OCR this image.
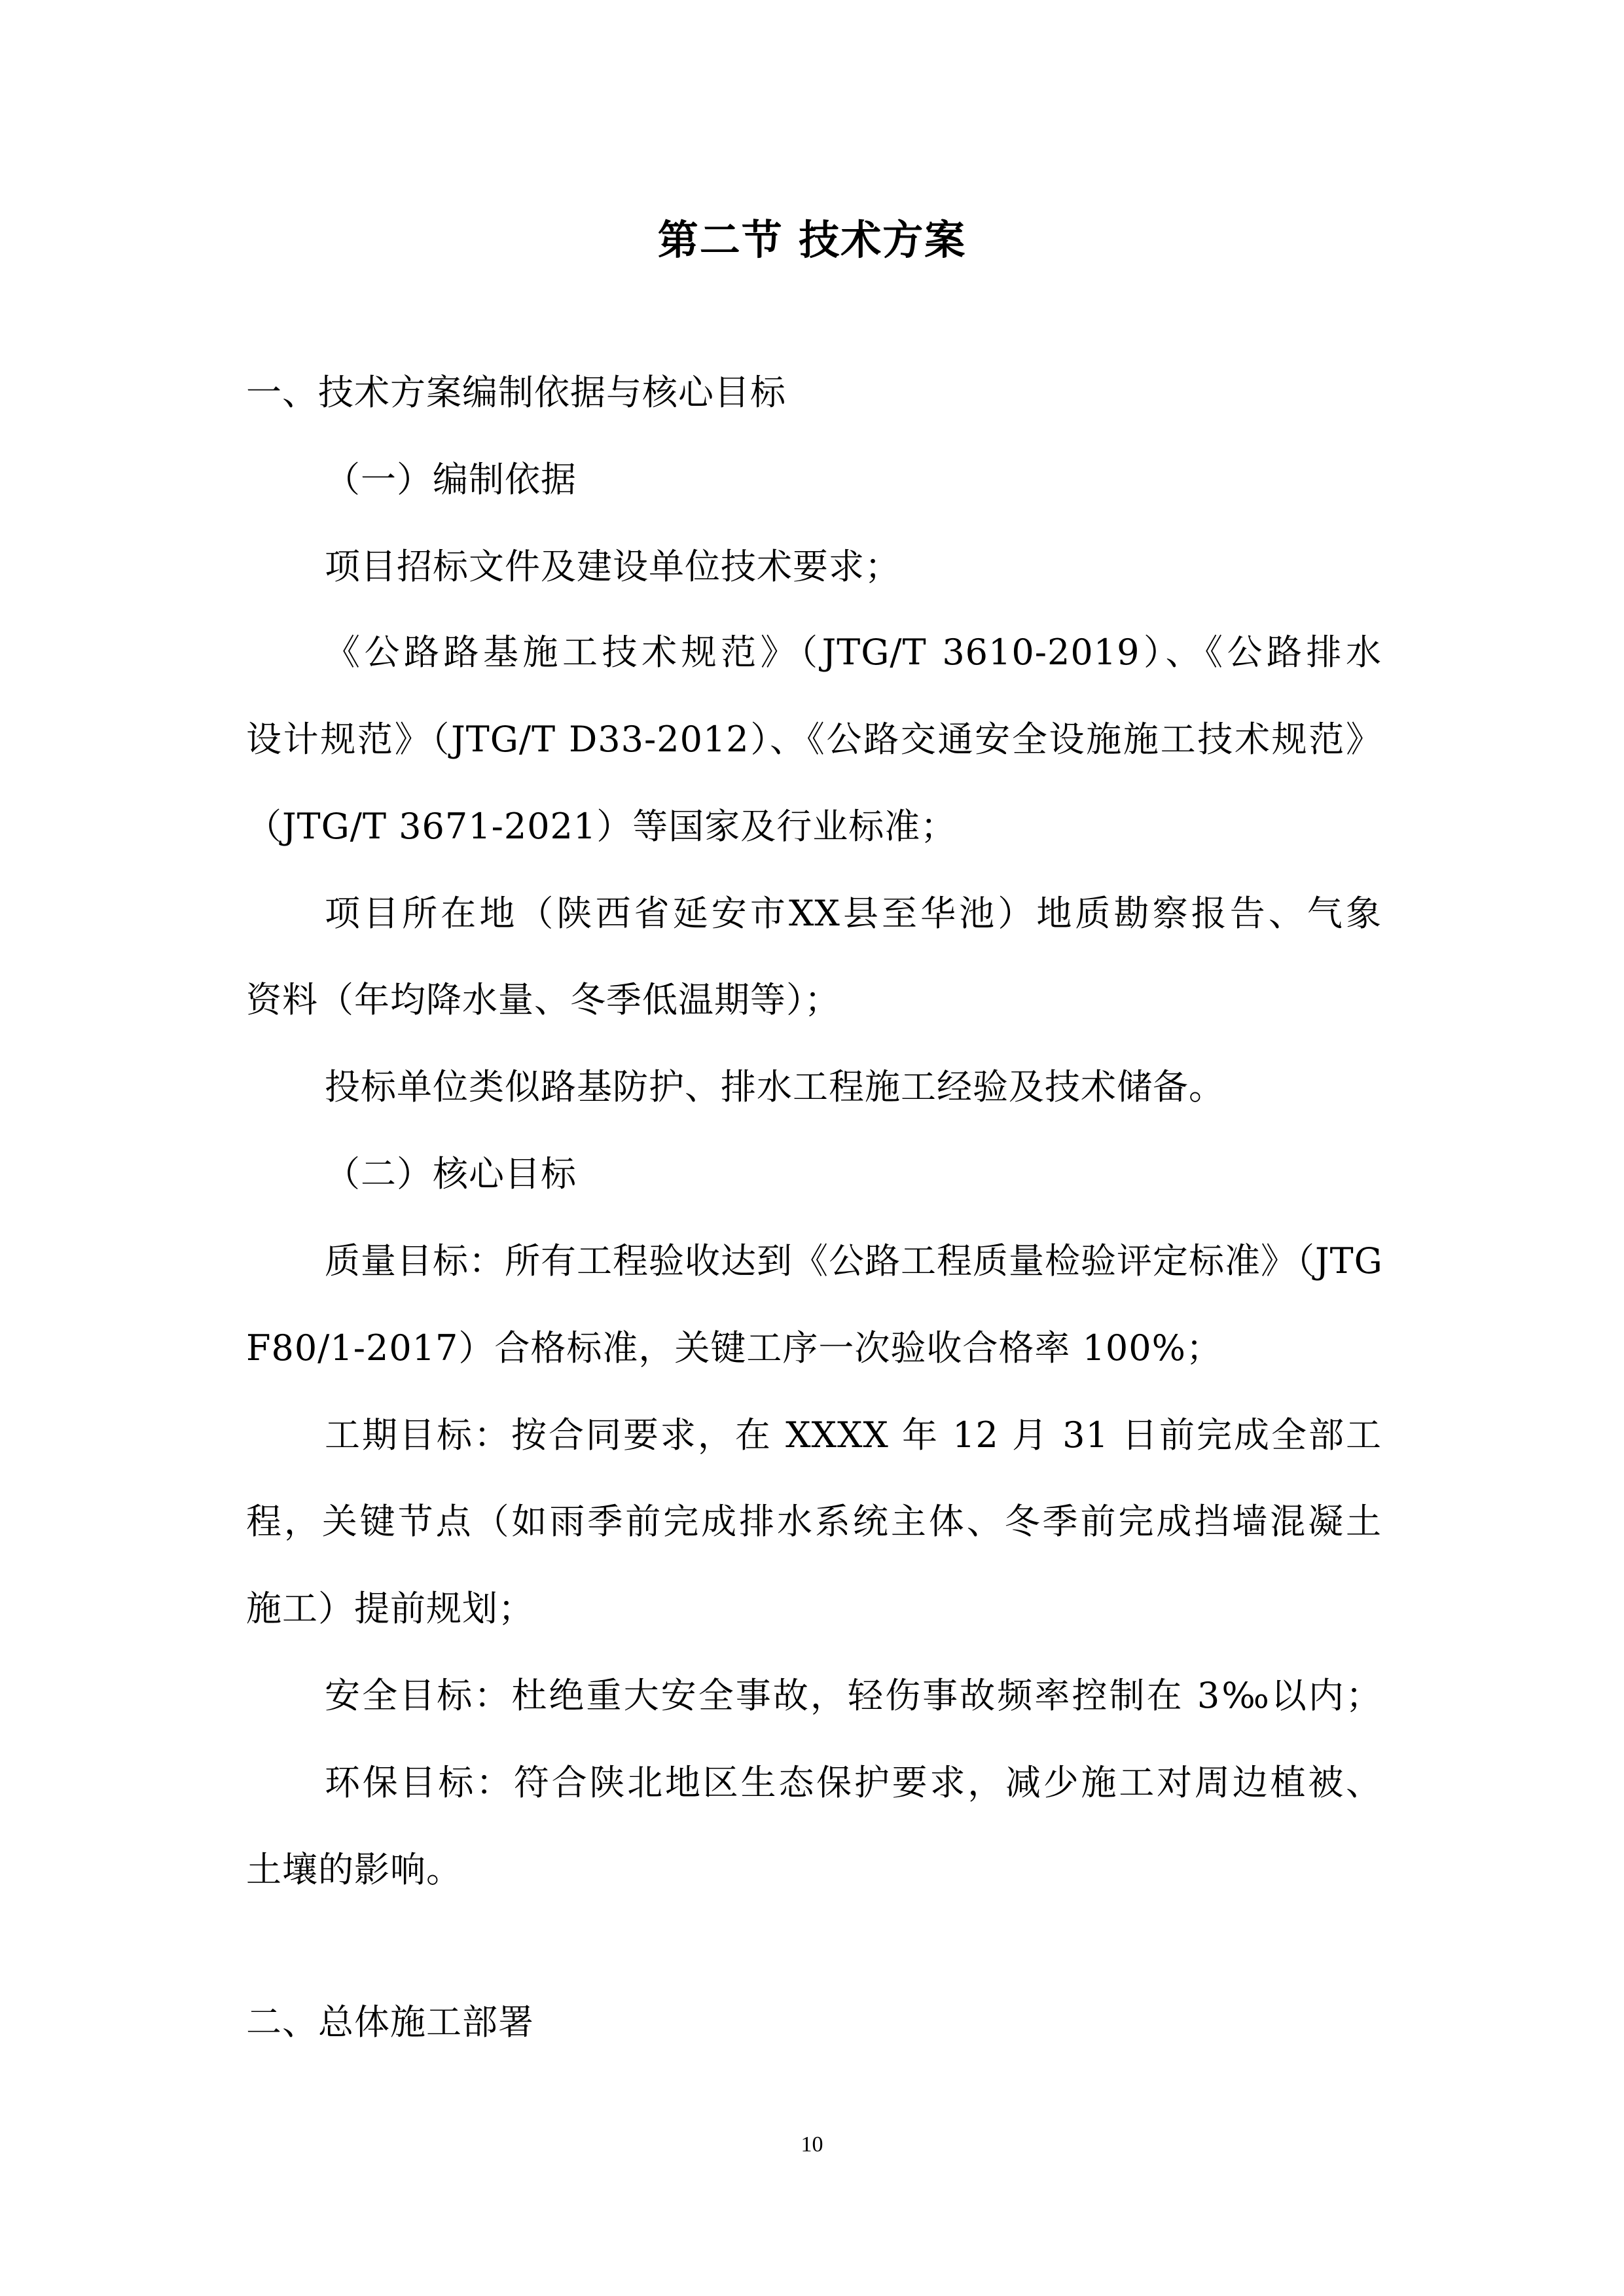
第二节 技术方案

一、技术方案编制依据与核心目标

（一）编制依据

项目招标文件及建设单位技术要求；

《公路路基施工技术规范》（JTG/T 3610-2019）、《公路排水

设计规范》（JTG/T D33-2012）、《公路交通安全设施施工技术规范》

（JTG/T 3671-2021）等国家及行业标准；

项目所在地（陕西省延安市XX县至华池）地质勘察报告、气象

资料（年均降水量、冬季低温期等）；

投标单位类似路基防护、排水工程施工经验及技术储备。

（二）核心目标

质量目标：所有工程验收达到《公路工程质量检验评定标准》（JTG

F80/1-2017）合格标准，关键工序一次验收合格率 100%；

工期目标：按合同要求，在 XXXX 年 12 月 31 日前完成全部工

程，关键节点（如雨季前完成排水系统主体、冬季前完成挡墙混凝土

施工）提前规划；

安全目标：杜绝重大安全事故，轻伤事故频率控制在 3‰以内；

环保目标：符合陕北地区生态保护要求，减少施工对周边植被、

土壤的影响。

二、总体施工部署

10
